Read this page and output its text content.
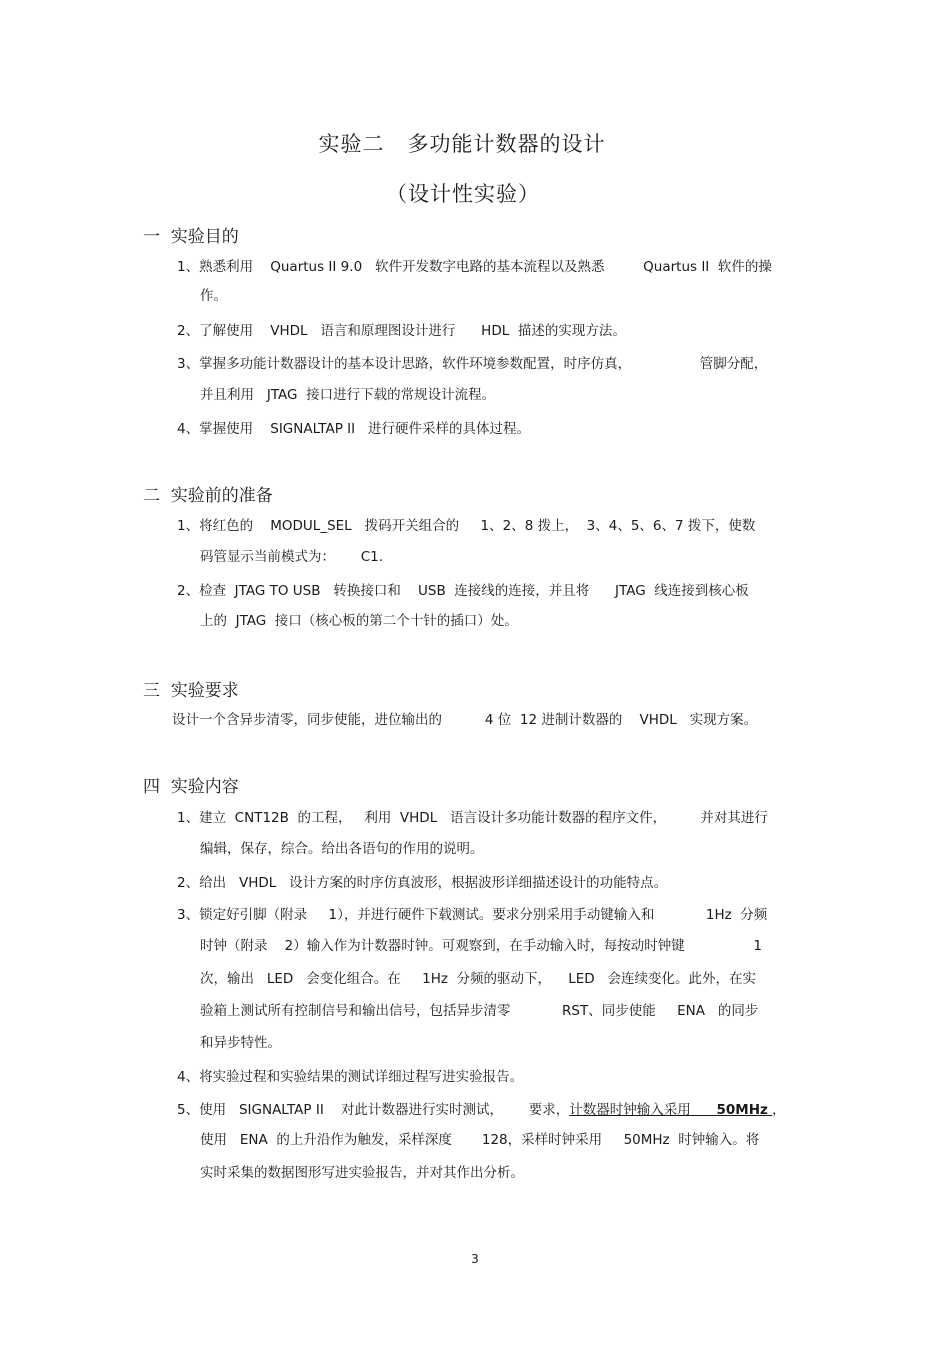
实验二   多功能计数器的设计
（设计性实验）
一  实验目的
1、熟悉利用    Quartus II 9.0   软件开发数字电路的基本流程以及熟悉         Quartus II  软件的操
作。
2、了解使用    VHDL   语言和原理图设计进行      HDL  描述的实现方法。
3、掌握多功能计数器设计的基本设计思路，软件环境参数配置，时序仿真，                管脚分配，
并且利用   JTAG  接口进行下载的常规设计流程。
4、掌握使用    SIGNALTAP II   进行硬件采样的具体过程。
二  实验前的准备
1、将红色的    MODUL_SEL   拨码开关组合的     1、2、8 拨上，  3、4、5、6、7 拨下，使数
码管显示当前模式为：      C1.
2、检查  JTAG TO USB   转换接口和    USB  连接线的连接，并且将      JTAG  线连接到核心板
上的  JTAG  接口（核心板的第二个十针的插口）处。
三  实验要求
设计一个含异步清零，同步使能，进位输出的          4 位  12 进制计数器的    VHDL   实现方案。
四  实验内容
1、建立  CNT12B  的工程，   利用  VHDL   语言设计多功能计数器的程序文件，        并对其进行
编辑，保存，综合。给出各语句的作用的说明。
2、给出   VHDL   设计方案的时序仿真波形，根据波形详细描述设计的功能特点。
3、锁定好引脚（附录     1），并进行硬件下载测试。要求分别采用手动键输入和            1Hz  分频
时钟（附录    2）输入作为计数器时钟。可观察到，在手动输入时，每按动时钟键                1
次，输出   LED   会变化组合。在     1Hz  分频的驱动下，    LED   会连续变化。此外，在实
验箱上测试所有控制信号和输出信号，包括异步清零            RST、同步使能     ENA   的同步
和异步特性。
4、将实验过程和实验结果的测试详细过程写进实验报告。
5、使用   SIGNALTAP II    对此计数器进行实时测试，      要求，计数器时钟输入采用 50MHz ，
使用   ENA  的上升沿作为触发，采样深度       128，采样时钟采用     50MHz  时钟输入。将
实时采集的数据图形写进实验报告，并对其作出分析。
3
